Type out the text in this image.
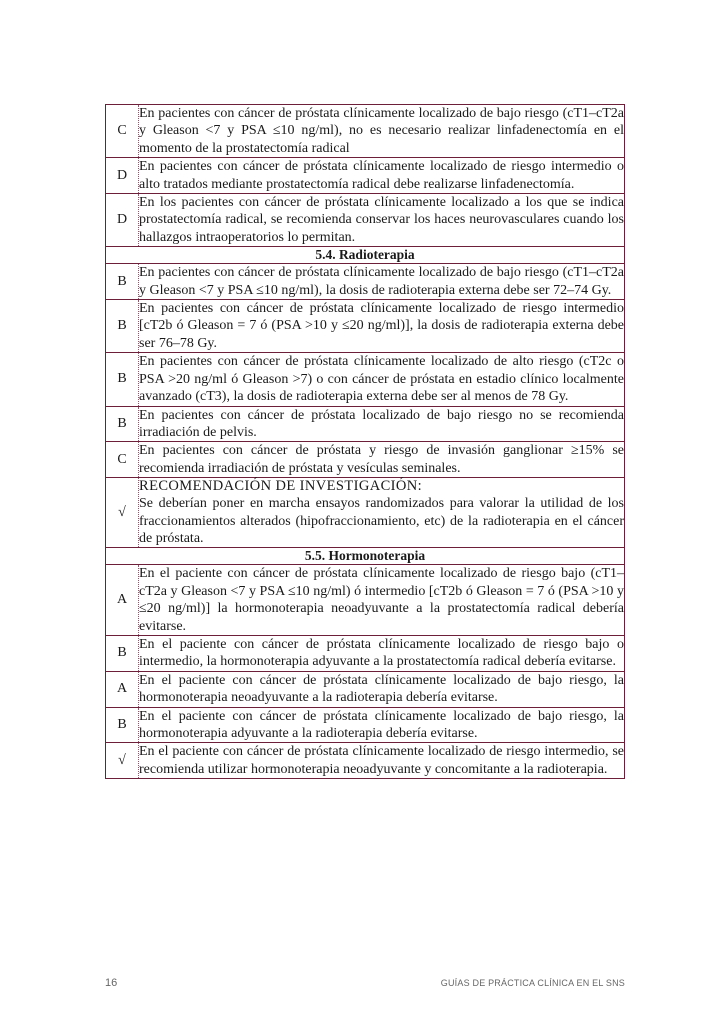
C	En pacientes con cáncer de próstata clínicamente localizado de bajo riesgo (cT1–cT2a y Gleason <7 y PSA ≤10 ng/ml), no es necesario realizar linfadenectomía en el momento de la prostatectomía radical
D	En pacientes con cáncer de próstata clínicamente localizado de riesgo intermedio o alto tratados mediante prostatectomía radical debe realizarse linfadenectomía.
D	En los pacientes con cáncer de próstata clínicamente localizado a los que se indica prostatectomía radical, se recomienda conservar los haces neurovasculares cuando los hallazgos intraoperatorios lo permitan.
5.4. Radioterapia	
B	En pacientes con cáncer de próstata clínicamente localizado de bajo riesgo (cT1–cT2a y Gleason <7 y PSA ≤10 ng/ml), la dosis de radioterapia externa debe ser 72–74 Gy.
B	En pacientes con cáncer de próstata clínicamente localizado de riesgo intermedio [cT2b ó Gleason = 7 ó (PSA >10 y ≤20 ng/ml)], la dosis de radioterapia externa debe ser 76–78 Gy.
B	En pacientes con cáncer de próstata clínicamente localizado de alto riesgo (cT2c o PSA >20 ng/ml ó Gleason >7) o con cáncer de próstata en estadio clínico localmente avanzado (cT3), la dosis de radioterapia externa debe ser al menos de 78 Gy.
B	En pacientes con cáncer de próstata localizado de bajo riesgo no se recomienda irradiación de pelvis.
C	En pacientes con cáncer de próstata y riesgo de invasión ganglionar ≥15% se recomienda irradiación de próstata y vesículas seminales.
√	RECOMENDACIÓN DE INVESTIGACIÓN:
Se deberían poner en marcha ensayos randomizados para valorar la utilidad de los fraccionamientos alterados (hipofraccionamiento, etc) de la radioterapia en el cáncer de próstata.

5.5. Hormonoterapia	
A	En el paciente con cáncer de próstata clínicamente localizado de riesgo bajo (cT1–cT2a y Gleason <7 y PSA ≤10 ng/ml) ó intermedio [cT2b ó Gleason = 7 ó (PSA >10 y ≤20 ng/ml)] la hormonoterapia neoadyuvante a la prostatectomía radical debería evitarse.
B	En el paciente con cáncer de próstata clínicamente localizado de riesgo bajo o intermedio, la hormonoterapia adyuvante a la prostatectomía radical debería evitarse.
A	En el paciente con cáncer de próstata clínicamente localizado de bajo riesgo, la hormonoterapia neoadyuvante a la radioterapia debería evitarse.
B	En el paciente con cáncer de próstata clínicamente localizado de bajo riesgo, la hormonoterapia adyuvante a la radioterapia debería evitarse.
√	En el paciente con cáncer de próstata clínicamente localizado de riesgo intermedio, se recomienda utilizar hormonoterapia neoadyuvante y concomitante a la radioterapia.
16	GUÍAS DE PRÁCTICA CLÍNICA EN EL SNS
